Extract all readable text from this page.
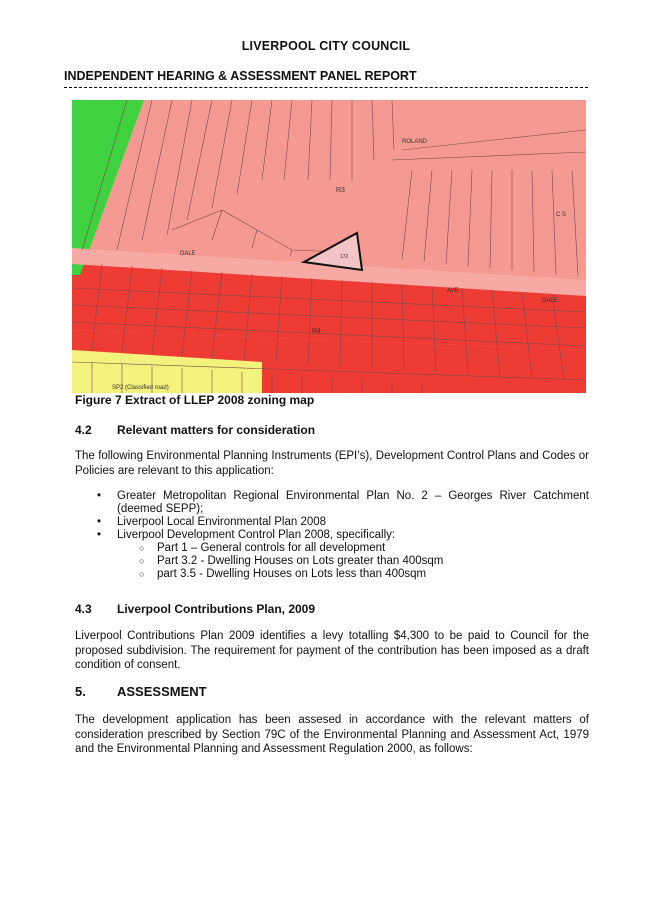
LIVERPOOL CITY COUNCIL
INDEPENDENT HEARING & ASSESSMENT PANEL REPORT
DALE
DALE
AVE
ROLAND
SP2 (Classified road)
R4
R3
C S
172
Figure 7 Extract of LLEP 2008 zoning map
4.2 Relevant matters for consideration

The following Environmental Planning Instruments (EPI’s), Development Control Plans and Codes or Policies are relevant to this application:

• Greater Metropolitan Regional Environmental Plan No. 2 – Georges River Catchment (deemed SEPP);
• Liverpool Local Environmental Plan 2008
• Liverpool Development Control Plan 2008, specifically:
○ Part 1 – General controls for all development
○ Part 3.2 - Dwelling Houses on Lots greater than 400sqm
○ part 3.5 - Dwelling Houses on Lots less than 400sqm
4.3 Liverpool Contributions Plan, 2009

Liverpool Contributions Plan 2009 identifies a levy totalling $4,300 to be paid to Council for the proposed subdivision. The requirement for payment of the contribution has been imposed as a draft condition of consent.

5. ASSESSMENT

The development application has been assesed in accordance with the relevant matters of consideration prescribed by Section 79C of the Environmental Planning and Assessment Act, 1979 and the Environmental Planning and Assessment Regulation 2000, as follows:
